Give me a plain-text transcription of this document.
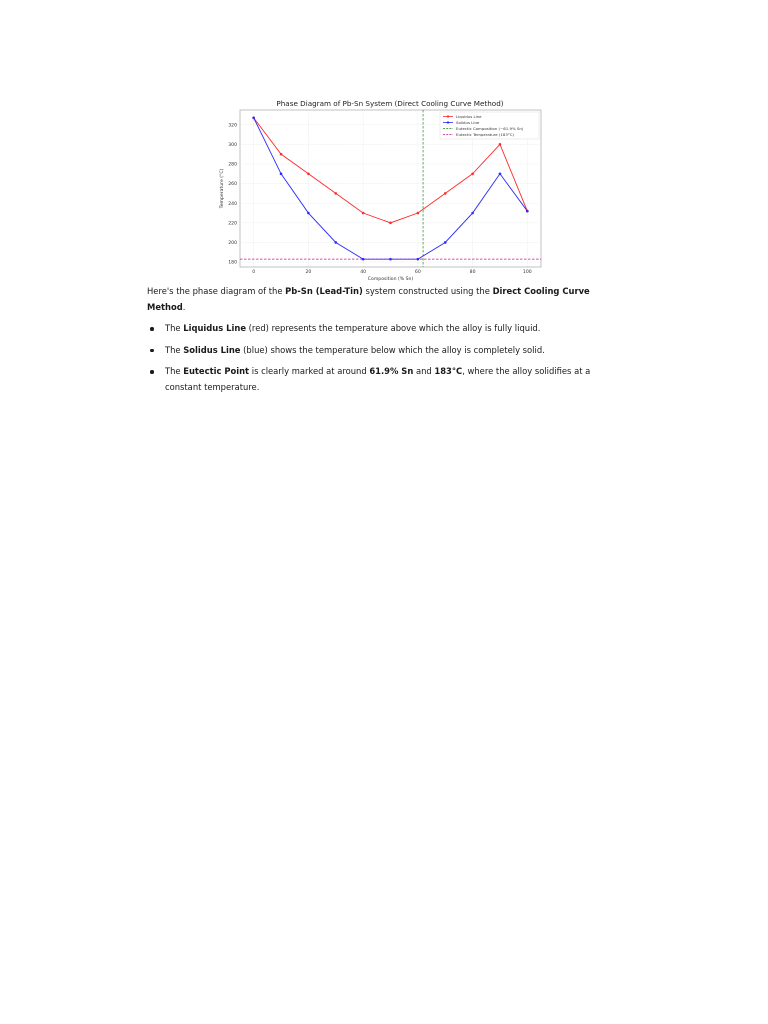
Phase Diagram of Pb-Sn System (Direct Cooling Curve Method)
0	20	40	60	80	100
180
200
220
240
260
280
300
320
Composition (% Sn)
Temperature (°C)
Liquidus Line
Solidus Line
Eutectic Composition (~61.9% Sn)
Eutectic Temperature (183°C)

Here's the phase diagram of the Pb-Sn (Lead-Tin) system constructed using the Direct Cooling Curve Method.

The Liquidus Line (red) represents the temperature above which the alloy is fully liquid.
The Solidus Line (blue) shows the temperature below which the alloy is completely solid.
The Eutectic Point is clearly marked at around 61.9% Sn and 183°C, where the alloy solidifies at a constant temperature.
